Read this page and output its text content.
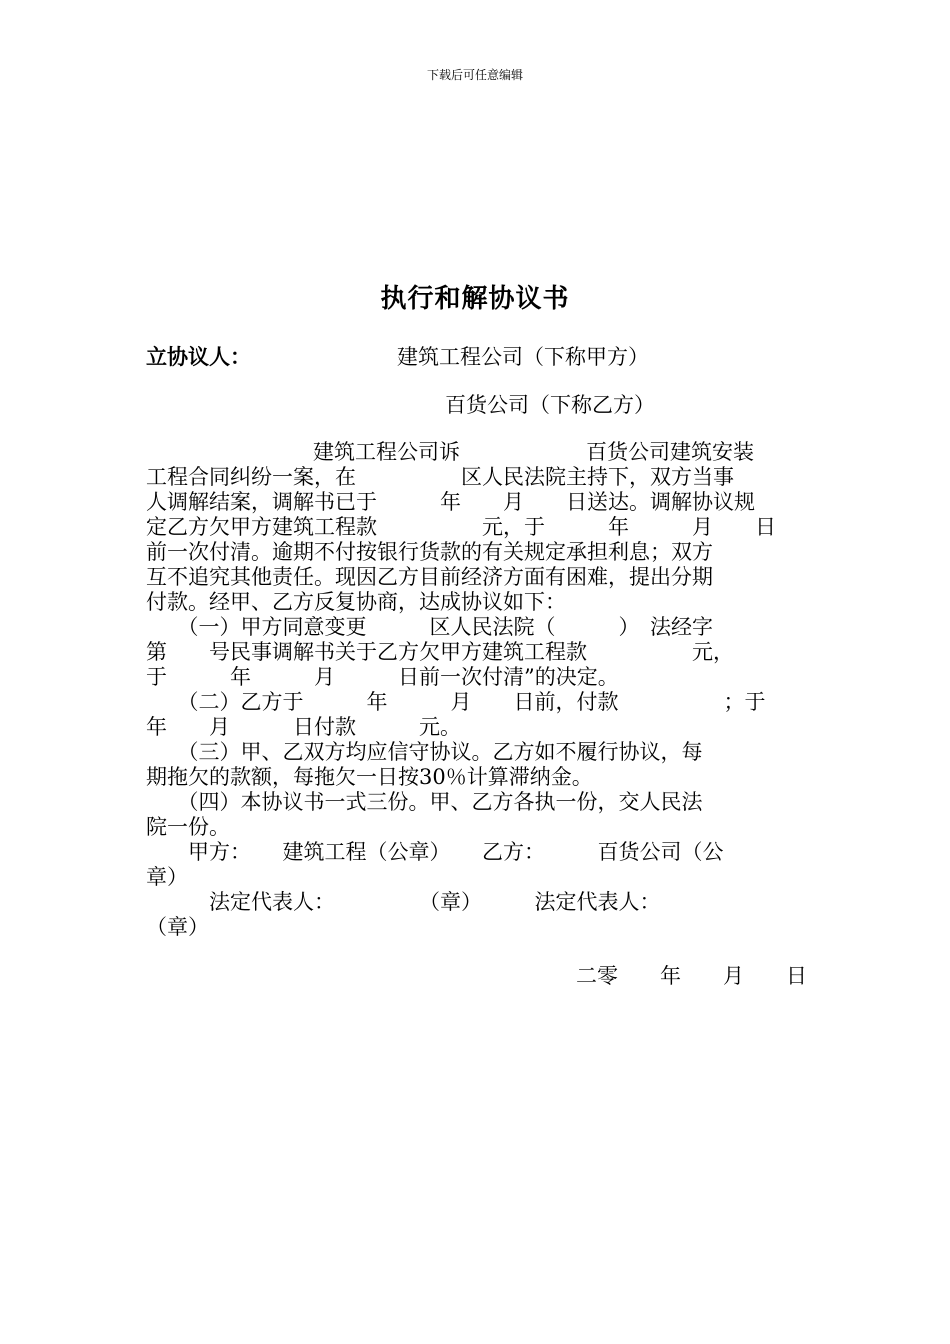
下载后可任意编辑
执行和解协议书
立协议人：	建筑工程公司（下称甲方）
百货公司（下称乙方）
建筑工程公司诉　　　　　　百货公司建筑安装
工程合同纠纷一案，在　　　　　区人民法院主持下，双方当事
人调解结案，调解书已于　　　年　　月　　日送达。调解协议规
定乙方欠甲方建筑工程款　　　　　元，于　　　年　　　月　　日
前一次付清。逾期不付按银行货款的有关规定承担利息；双方
互不追究其他责任。现因乙方目前经济方面有困难，提出分期
付款。经甲、乙方反复协商，达成协议如下：
　　（一）甲方同意变更　　　区人民法院（　　　）　法经字
第　　号民事调解书关于乙方欠甲方建筑工程款　　　　　元，
于　　　年　　　月　　　日前一次付清”的决定。
　　（二）乙方于　　　年　　　月　　日前，付款　　　　　；于
年　　月　　　日付款　　　元。
　　（三）甲、乙双方均应信守协议。乙方如不履行协议，每
期拖欠的款额，每拖欠一日按30％计算滞纳金。
　　（四）本协议书一式三份。甲、乙方各执一份，交人民法
院一份。
　　甲方：　　建筑工程（公章）　　乙方：　　　百货公司（公
章）
　　　法定代表人：　　　　　（章）　　　法定代表人：
（章）
二零　　年　　月　　日
